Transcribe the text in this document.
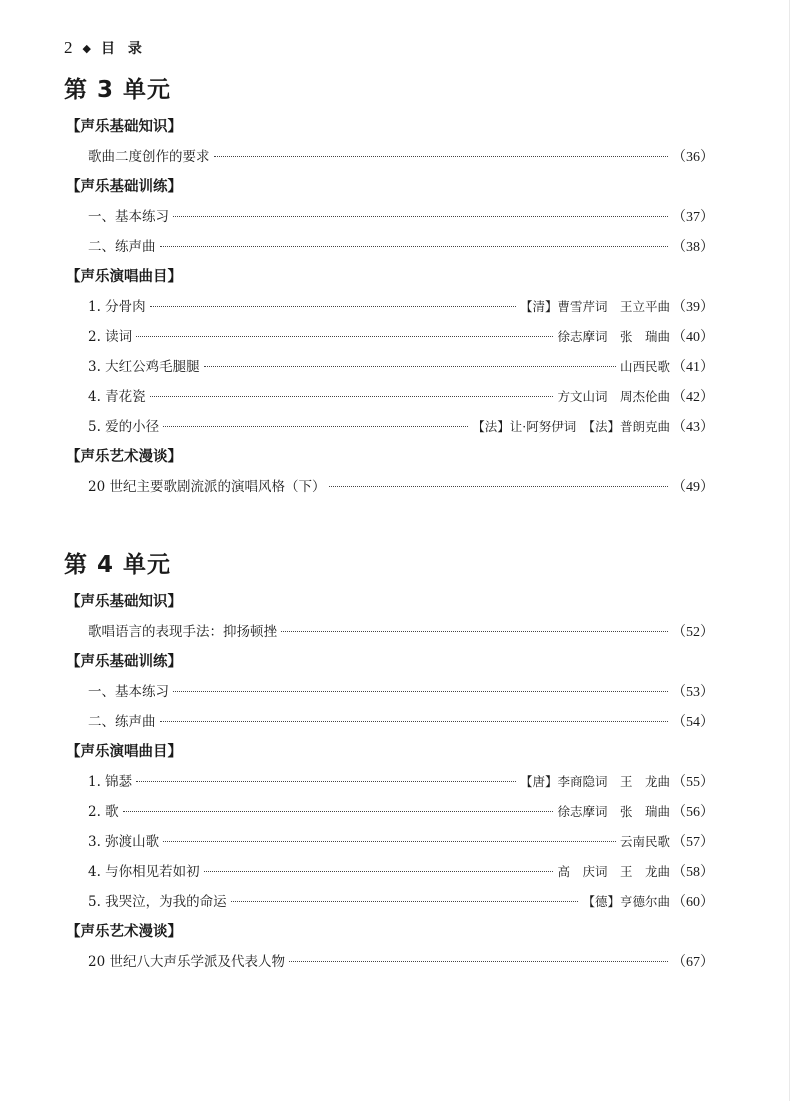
2 ◆ 目 录
第 3 单元
【声乐基础知识】
歌曲二度创作的要求	（36）
【声乐基础训练】
一、基本练习	（37）
二、练声曲	（38）
【声乐演唱曲目】
1. 分骨肉	【清】曹雪芹词　王立平曲 （39）
2. 读词	徐志摩词　张　瑞曲 （40）
3. 大红公鸡毛腿腿	山西民歌 （41）
4. 青花瓷	方文山词　周杰伦曲 （42）
5. 爱的小径	【法】让·阿努伊词　【法】普朗克曲 （43）
【声乐艺术漫谈】
20 世纪主要歌剧流派的演唱风格（下）	（49）
第 4 单元
【声乐基础知识】
歌唱语言的表现手法：抑扬顿挫	（52）
【声乐基础训练】
一、基本练习	（53）
二、练声曲	（54）
【声乐演唱曲目】
1. 锦瑟	【唐】李商隐词　王　龙曲 （55）
2. 歌	徐志摩词　张　瑞曲 （56）
3. 弥渡山歌	云南民歌 （57）
4. 与你相见若如初	高　庆词　王　龙曲 （58）
5. 我哭泣，为我的命运	【德】亨德尔曲 （60）
【声乐艺术漫谈】
20 世纪八大声乐学派及代表人物	（67）
